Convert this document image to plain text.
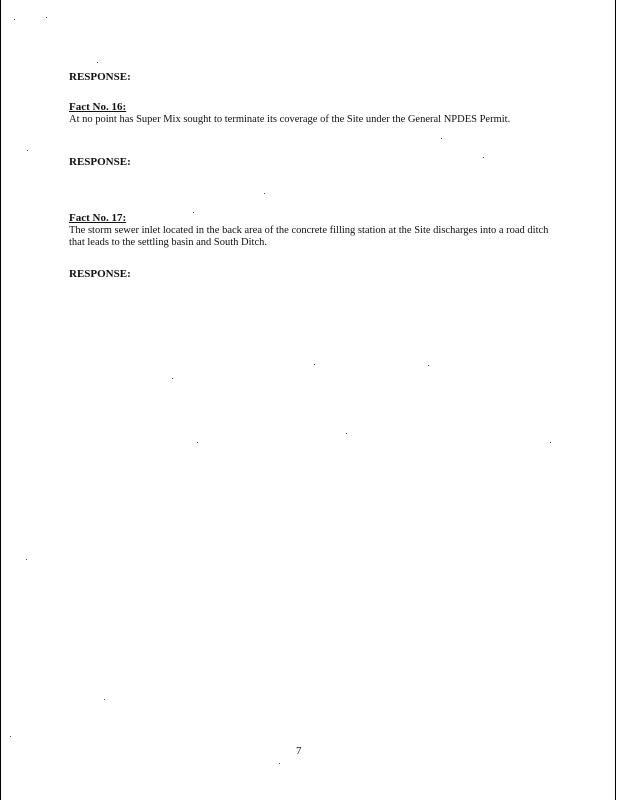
RESPONSE:
Fact No. 16:
At no point has Super Mix sought to terminate its coverage of the Site under the General NPDES Permit.
RESPONSE:
Fact No. 17:
The storm sewer inlet located in the back area of the concrete filling station at the Site discharges into a road ditch that leads to the settling basin and South Ditch.
RESPONSE:
7
